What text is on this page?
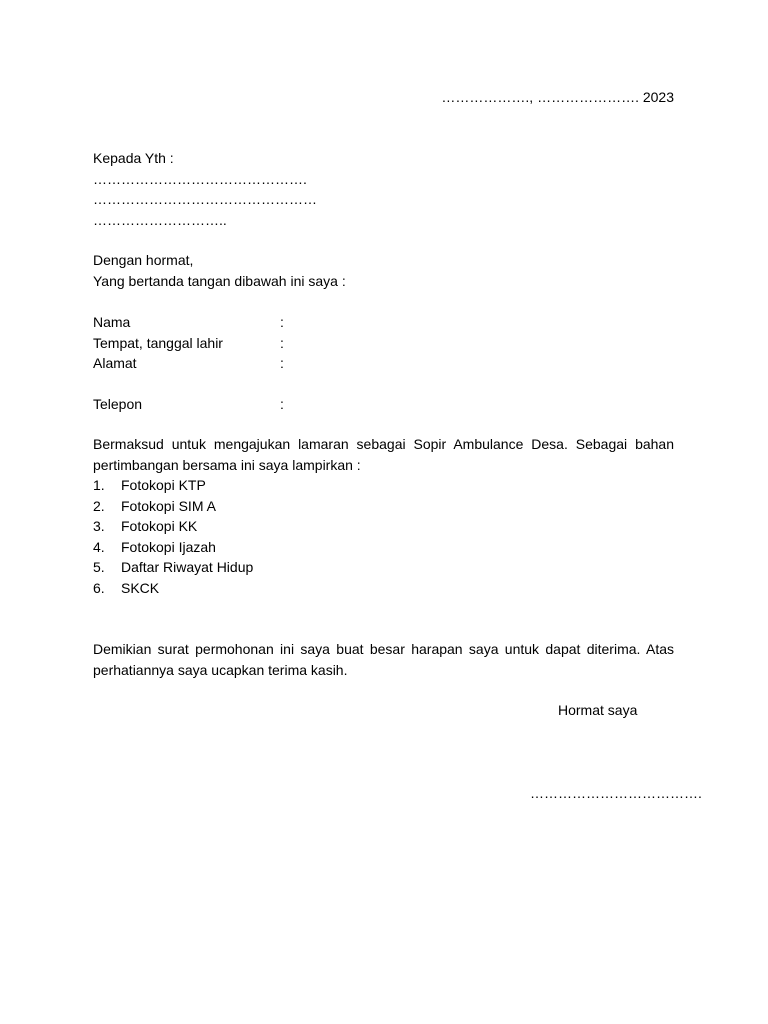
………………., …………………. 2023
Kepada Yth :
……………………………………….
…………………………………………
………………………..
Dengan hormat,
Yang bertanda tangan dibawah ini saya :
Nama	:
Tempat, tanggal lahir	:
Alamat	:
Telepon	:

Bermaksud untuk mengajukan lamaran sebagai Sopir Ambulance Desa. Sebagai bahan pertimbangan bersama ini saya lampirkan :

1.	Fotokopi KTP
2.	Fotokopi SIM A
3.	Fotokopi KK
4.	Fotokopi Ijazah
5.	Daftar Riwayat Hidup
6.	SKCK

Demikian surat permohonan ini saya buat besar harapan saya untuk dapat diterima. Atas perhatiannya saya ucapkan terima kasih.

Hormat saya
……………………………….
